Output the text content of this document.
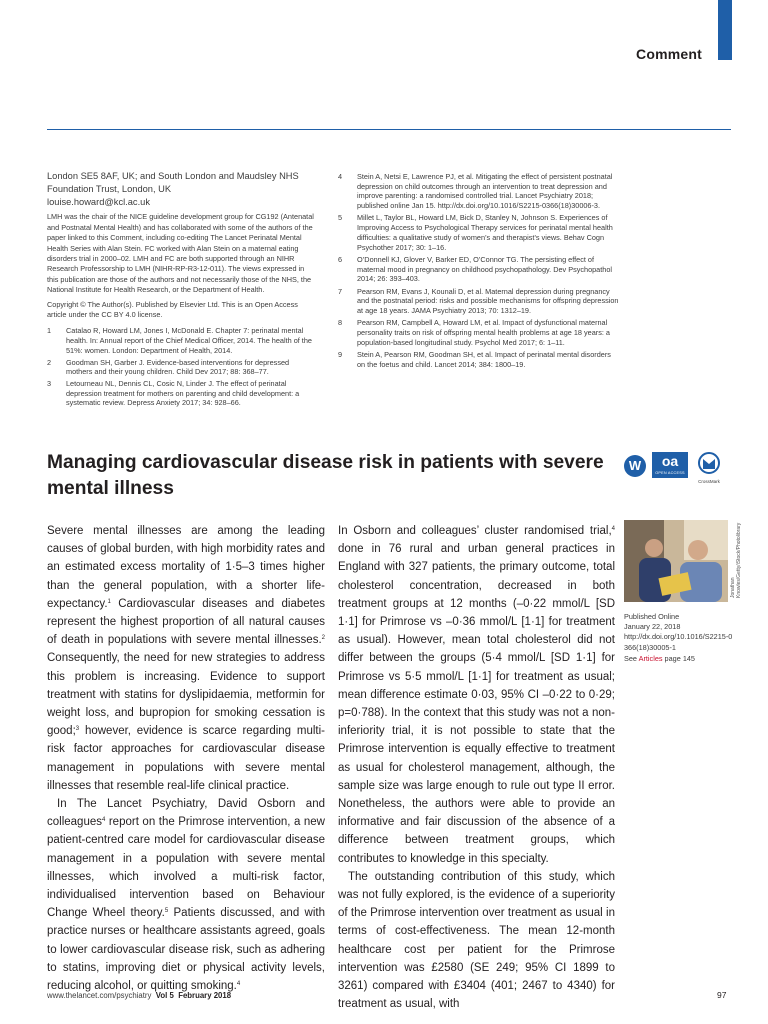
Comment
London SE5 8AF, UK; and South London and Maudsley NHS
Foundation Trust, London, UK
louise.howard@kcl.ac.uk
LMH was the chair of the NICE guideline development group for CG192 (Antenatal and Postnatal Mental Health) and has collaborated with some of the authors of the paper linked to this Comment, including co-editing The Lancet Perinatal Mental Health Series with Alan Stein. FC worked with Alan Stein on a maternal eating disorders trial in 2000–02. LMH and FC are both supported through an NIHR Research Professorship to LMH (NIHR-RP-R3-12-011). The views expressed in this publication are those of the authors and not necessarily those of the NHS, the National Institute for Health Research, or the Department of Health.
Copyright © The Author(s). Published by Elsevier Ltd. This is an Open Access article under the CC BY 4.0 license.
1	Catalao R, Howard LM, Jones I, McDonald E. Chapter 7: perinatal mental health. In: Annual report of the Chief Medical Officer, 2014. The health of the 51%: women. London: Department of Health, 2014.
2	Goodman SH, Garber J. Evidence-based interventions for depressed mothers and their young children. Child Dev 2017; 88: 368–77.
3	Letourneau NL, Dennis CL, Cosic N, Linder J. The effect of perinatal depression treatment for mothers on parenting and child development: a systematic review. Depress Anxiety 2017; 34: 928–66.
4	Stein A, Netsi E, Lawrence PJ, et al. Mitigating the effect of persistent postnatal depression on child outcomes through an intervention to treat depression and improve parenting: a randomised controlled trial. Lancet Psychiatry 2018; published online Jan 15. http://dx.doi.org/10.1016/S2215-0366(18)30006-3.
5	Millet L, Taylor BL, Howard LM, Bick D, Stanley N, Johnson S. Experiences of Improving Access to Psychological Therapy services for perinatal mental health difficulties: a qualitative study of women’s and therapist’s views. Behav Cogn Psychother 2017; 30: 1–16.
6	O’Donnell KJ, Glover V, Barker ED, O’Connor TG. The persisting effect of maternal mood in pregnancy on childhood psychopathology. Dev Psychopathol 2014; 26: 393–403.
7	Pearson RM, Evans J, Kounali D, et al. Maternal depression during pregnancy and the postnatal period: risks and possible mechanisms for offspring depression at age 18 years. JAMA Psychiatry 2013; 70: 1312–19.
8	Pearson RM, Campbell A, Howard LM, et al. Impact of dysfunctional maternal personality traits on risk of offspring mental health problems at age 18 years: a population-based longitudinal study. Psychol Med 2017; 6: 1–11.
9	Stein A, Pearson RM, Goodman SH, et al. Impact of perinatal mental disorders on the foetus and child. Lancet 2014; 384: 1800–19.
Managing cardiovascular disease risk in patients with severe mental illness
W	oa
OPEN ACCESS
CrossMark

Severe mental illnesses are among the leading causes of global burden, with high morbidity rates and an estimated excess mortality of 1·5–3 times higher than the general population, with a shorter life-expectancy.$^1$ Cardiovascular diseases and diabetes represent the highest proportion of all natural causes of death in populations with severe mental illnesses.$^2$ Consequently, the need for new strategies to address this problem is increasing. Evidence to support treatment with statins for dyslipidaemia, metformin for weight loss, and bupropion for smoking cessation is good;$^3$ however, evidence is scarce regarding multi-risk factor approaches for cardiovascular disease management in populations with severe mental illnesses that resemble real-life clinical practice.

In The Lancet Psychiatry, David Osborn and colleagues$^4$ report on the Primrose intervention, a new patient-centred care model for cardiovascular disease management in a population with severe mental illnesses, which involved a multi-risk factor, individualised intervention based on Behaviour Change Wheel theory.$^5$ Patients discussed, and with practice nurses or healthcare assistants agreed, goals to lower cardiovascular disease risk, such as adhering to statins, improving diet or physical activity levels, reducing alcohol, or quitting smoking.$^4$

In Osborn and colleagues’ cluster randomised trial,$^4$ done in 76 rural and urban general practices in England with 327 patients, the primary outcome, total cholesterol concentration, decreased in both treatment groups at 12 months (–0·22 mmol/L [SD 1·1] for Primrose vs –0·36 mmol/L [1·1] for treatment as usual). However, mean total cholesterol did not differ between the groups (5·4 mmol/L [SD 1·1] for Primrose vs 5·5 mmol/L [1·1] for treatment as usual; mean difference estimate 0·03, 95% CI –0·22 to 0·29; p=0·788). In the context that this study was not a non-inferiority trial, it is not possible to state that the Primrose intervention is equally effective to treatment as usual for cholesterol management, although, the sample size was large enough to rule out type II error. Nonetheless, the authors were able to provide an informative and fair discussion of the absence of a difference between treatment groups, which contributes to knowledge in this specialty.

The outstanding contribution of this study, which was not fully explored, is the evidence of a superiority of the Primrose intervention over treatment as usual in terms of cost-effectiveness. The mean 12-month healthcare cost per patient for the Primrose intervention was £2580 (SE 249; 95% CI 1899 to 3261) compared with £3404 (401; 2467 to 4340) for treatment as usual, with

Jonathan Knowles/Getty/iStock/Photolibrary
Published Online
January 22, 2018
http://dx.doi.org/10.1016/S2215-0366(18)30005-1
See Articles page 145
www.thelancet.com/psychiatry Vol 5 February 2018	97
